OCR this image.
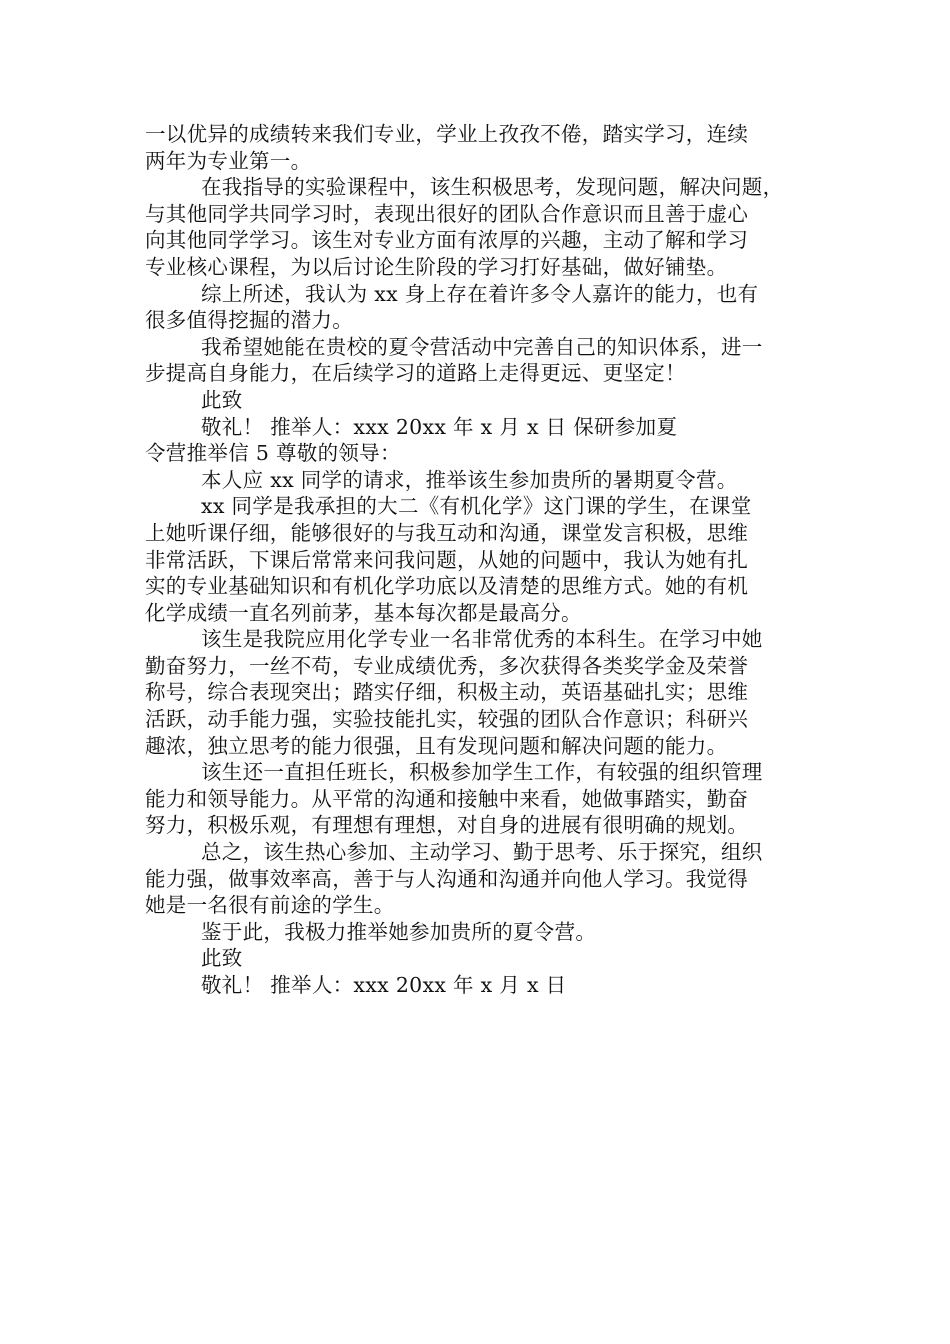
一以优异的成绩转来我们专业，学业上孜孜不倦，踏实学习，连续
两年为专业第一。
在我指导的实验课程中，该生积极思考，发现问题，解决问题，
与其他同学共同学习时，表现出很好的团队合作意识而且善于虚心
向其他同学学习。该生对专业方面有浓厚的兴趣，主动了解和学习
专业核心课程，为以后讨论生阶段的学习打好基础，做好铺垫。
综上所述，我认为 xx 身上存在着许多令人嘉许的能力，也有
很多值得挖掘的潜力。
我希望她能在贵校的夏令营活动中完善自己的知识体系，进一
步提高自身能力，在后续学习的道路上走得更远、更坚定！
此致
敬礼！ 推举人：xxx 20xx 年 x 月 x 日 保研参加夏
令营推举信 5 尊敬的领导：
本人应 xx 同学的请求，推举该生参加贵所的暑期夏令营。
xx 同学是我承担的大二《有机化学》这门课的学生，在课堂
上她听课仔细，能够很好的与我互动和沟通，课堂发言积极，思维
非常活跃，下课后常常来问我问题，从她的问题中，我认为她有扎
实的专业基础知识和有机化学功底以及清楚的思维方式。她的有机
化学成绩一直名列前茅，基本每次都是最高分。
该生是我院应用化学专业一名非常优秀的本科生。在学习中她
勤奋努力，一丝不苟，专业成绩优秀，多次获得各类奖学金及荣誉
称号，综合表现突出；踏实仔细，积极主动，英语基础扎实；思维
活跃，动手能力强，实验技能扎实，较强的团队合作意识；科研兴
趣浓，独立思考的能力很强，且有发现问题和解决问题的能力。
该生还一直担任班长，积极参加学生工作，有较强的组织管理
能力和领导能力。从平常的沟通和接触中来看，她做事踏实，勤奋
努力，积极乐观，有理想有理想，对自身的进展有很明确的规划。
总之，该生热心参加、主动学习、勤于思考、乐于探究，组织
能力强，做事效率高，善于与人沟通和沟通并向他人学习。我觉得
她是一名很有前途的学生。
鉴于此，我极力推举她参加贵所的夏令营。
此致
敬礼！ 推举人：xxx 20xx 年 x 月 x 日
